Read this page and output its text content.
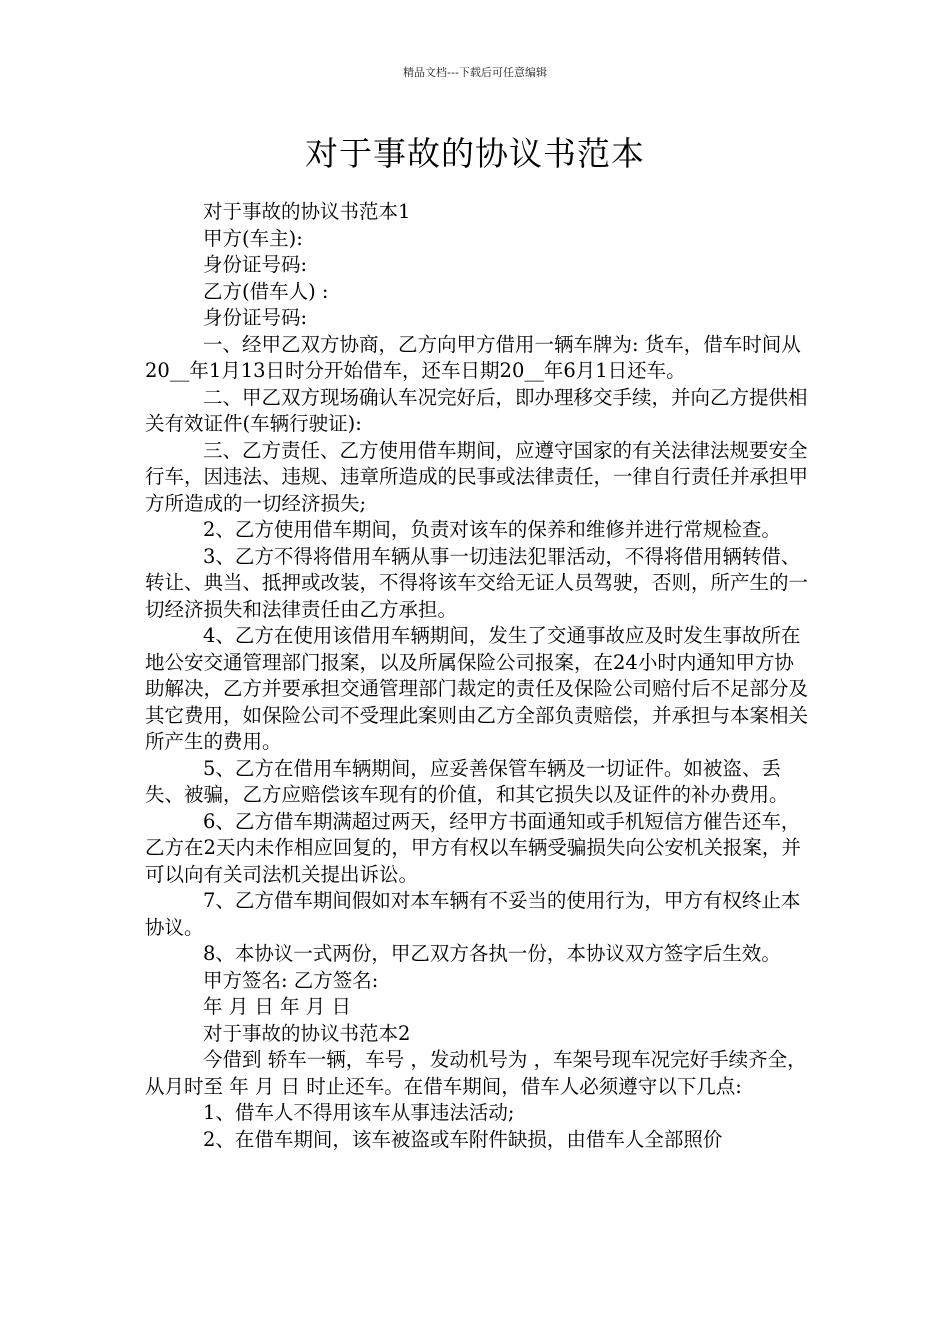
精品文档---下载后可任意编辑
对于事故的协议书范本

对于事故的协议书范本1

甲方(车主):

身份证号码:

乙方(借车人) :

身份证号码:

一、经甲乙双方协商，乙方向甲方借用一辆车牌为: 货车，借车时间从20__年1月13日时分开始借车，还车日期20__年6月1日还车。

二、甲乙双方现场确认车况完好后，即办理移交手续，并向乙方提供相关有效证件(车辆行驶证):

三、乙方责任、乙方使用借车期间，应遵守国家的有关法律法规要安全行车，因违法、违规、违章所造成的民事或法律责任，一律自行责任并承担甲方所造成的一切经济损失;

2、乙方使用借车期间，负责对该车的保养和维修并进行常规检查。

3、乙方不得将借用车辆从事一切违法犯罪活动，不得将借用辆转借、转让、典当、抵押或改装，不得将该车交给无证人员驾驶，否则，所产生的一切经济损失和法律责任由乙方承担。

4、乙方在使用该借用车辆期间，发生了交通事故应及时发生事故所在地公安交通管理部门报案，以及所属保险公司报案，在24小时内通知甲方协助解决，乙方并要承担交通管理部门裁定的责任及保险公司赔付后不足部分及其它费用，如保险公司不受理此案则由乙方全部负责赔偿，并承担与本案相关所产生的费用。

5、乙方在借用车辆期间，应妥善保管车辆及一切证件。如被盗、丢失、被骗，乙方应赔偿该车现有的价值，和其它损失以及证件的补办费用。

6、乙方借车期满超过两天，经甲方书面通知或手机短信方催告还车，乙方在2天内未作相应回复的，甲方有权以车辆受骗损失向公安机关报案，并可以向有关司法机关提出诉讼。

7、乙方借车期间假如对本车辆有不妥当的使用行为，甲方有权终止本协议。

8、本协议一式两份，甲乙双方各执一份，本协议双方签字后生效。

甲方签名: 乙方签名:

年 月 日 年 月 日

对于事故的协议书范本2

今借到 轿车一辆，车号 ，发动机号为 ，车架号现车况完好手续齐全，从月时至 年 月 日 时止还车。在借车期间，借车人必须遵守以下几点:

1、借车人不得用该车从事违法活动;

2、在借车期间，该车被盗或车附件缺损，由借车人全部照价
